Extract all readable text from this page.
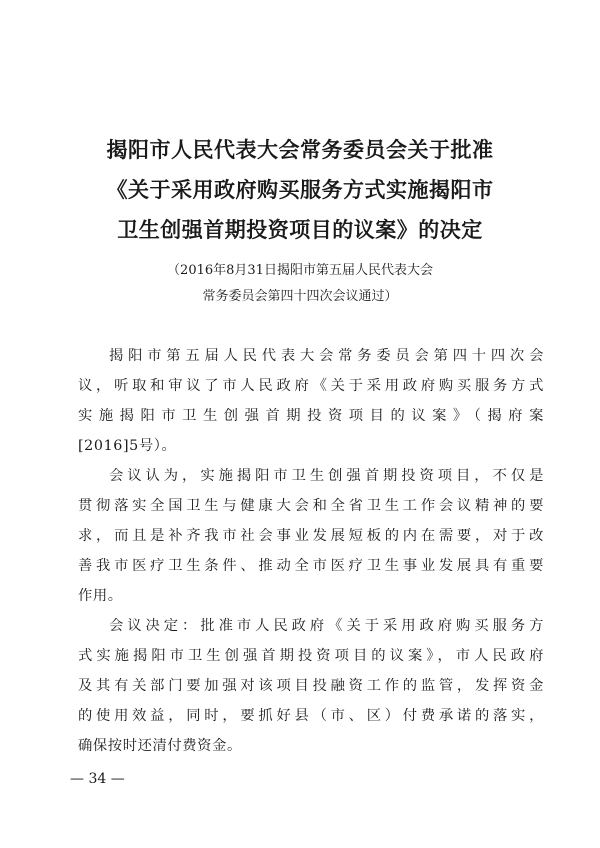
揭阳市人民代表大会常务委员会关于批准
《关于采用政府购买服务方式实施揭阳市
卫生创强首期投资项目的议案》的决定
（2016年8月31日揭阳市第五届人民代表大会
常务委员会第四十四次会议通过）

揭阳市第五届人民代表大会常务委员会第四十四次会
议，听取和审议了市人民政府《关于采用政府购买服务方式
实施揭阳市卫生创强首期投资项目的议案》（揭府案
[2016]5号）。

会议认为，实施揭阳市卫生创强首期投资项目，不仅是
贯彻落实全国卫生与健康大会和全省卫生工作会议精神的要
求，而且是补齐我市社会事业发展短板的内在需要，对于改
善我市医疗卫生条件、推动全市医疗卫生事业发展具有重要
作用。

会议决定：批准市人民政府《关于采用政府购买服务方
式实施揭阳市卫生创强首期投资项目的议案》，市人民政府
及其有关部门要加强对该项目投融资工作的监管，发挥资金
的使用效益，同时，要抓好县（市、区）付费承诺的落实，
确保按时还清付费资金。

— 34 —
